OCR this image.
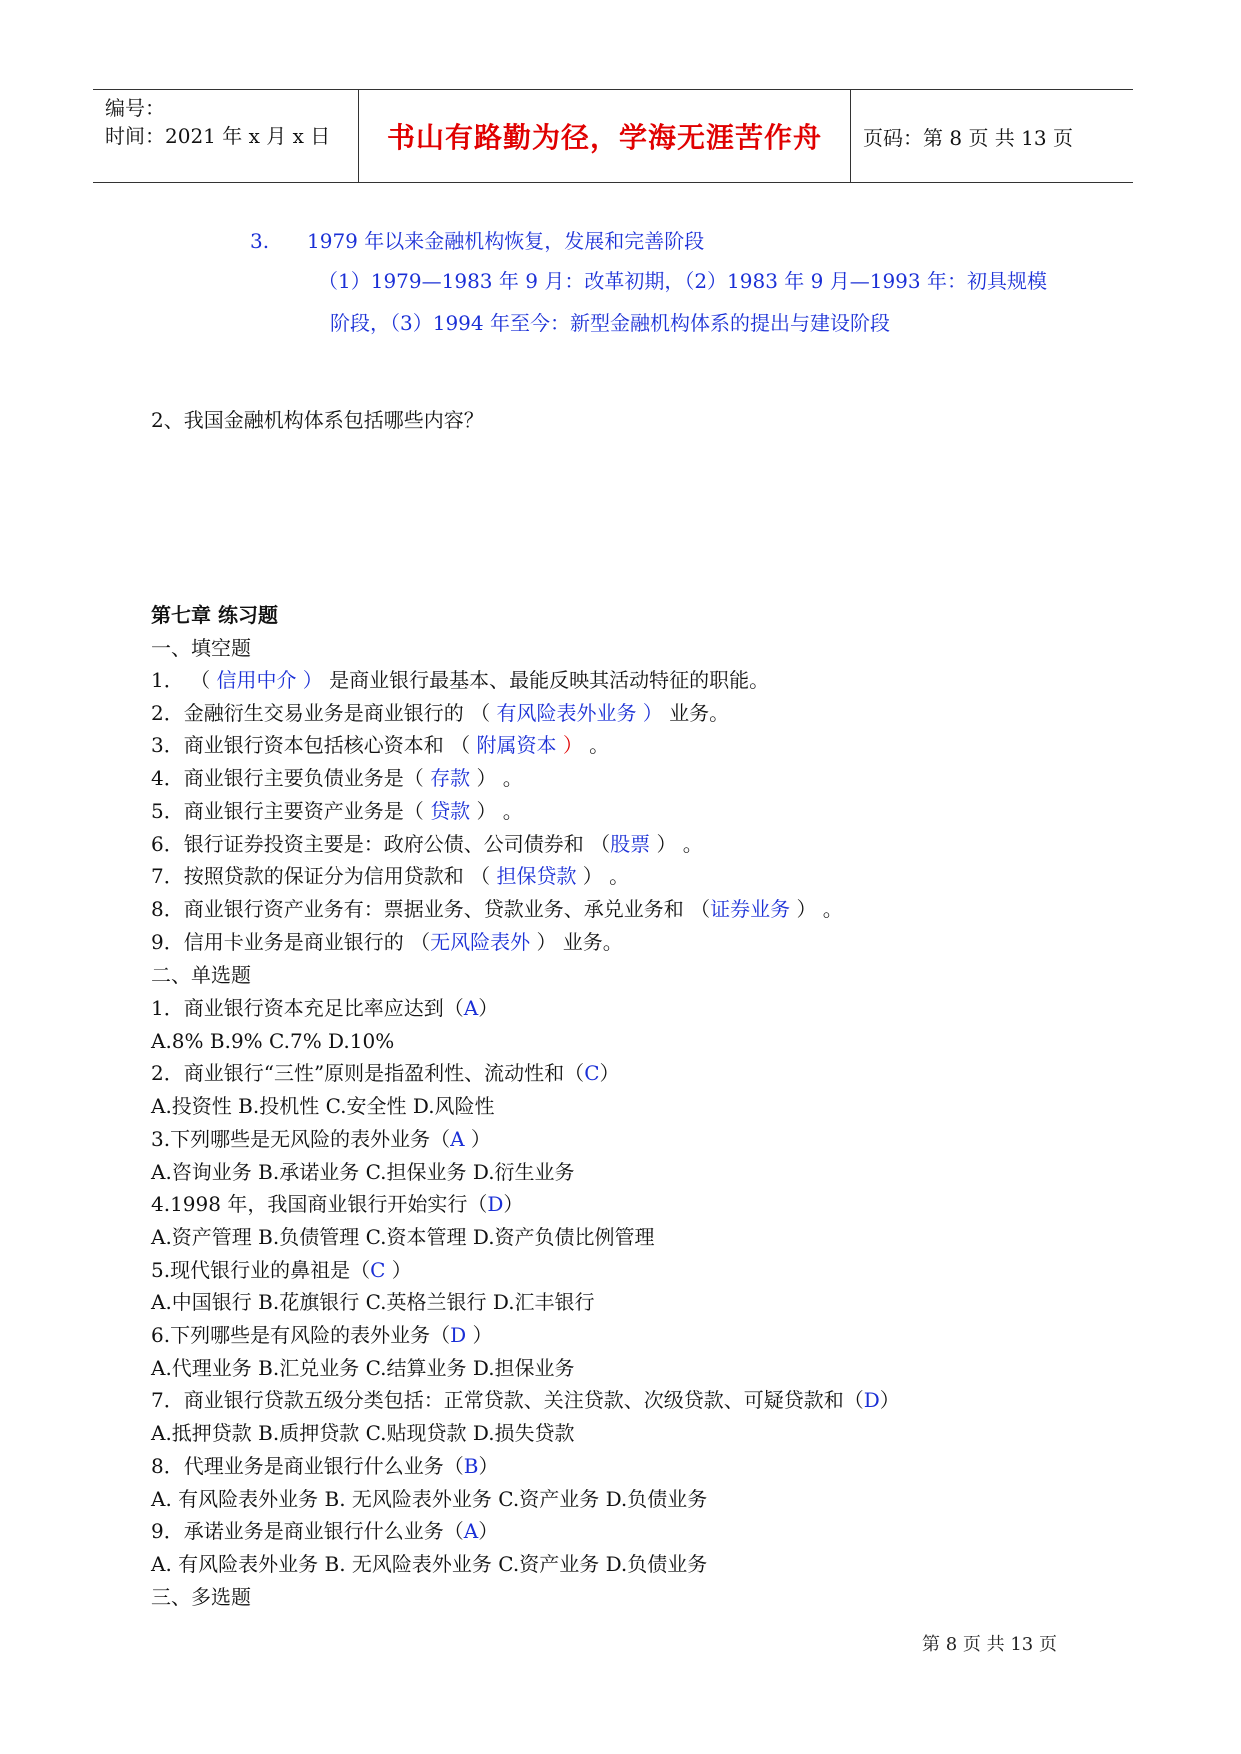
编号：
时间：2021 年 x 月 x 日	书山有路勤为径，学海无涯苦作舟 页码：第 8 页 共 13 页
3. 1979 年以来金融机构恢复，发展和完善阶段
（1）1979—1983 年 9 月：改革初期，（2）1983 年 9 月—1993 年：初具规模
阶段，（3）1994 年至今：新型金融机构体系的提出与建设阶段
2、我国金融机构体系包括哪些内容？
第七章 练习题
一、填空题
1． （ 信用中介 ） 是商业银行最基本、最能反映其活动特征的职能。
2．金融衍生交易业务是商业银行的 （ 有风险表外业务 ） 业务。
3．商业银行资本包括核心资本和 （ 附属资本 ） 。
4．商业银行主要负债业务是（ 存款 ） 。
5．商业银行主要资产业务是（ 贷款 ） 。
6．银行证券投资主要是：政府公债、公司债券和 （股票 ） 。
7．按照贷款的保证分为信用贷款和 （ 担保贷款 ） 。
8．商业银行资产业务有：票据业务、贷款业务、承兑业务和 （证券业务 ） 。
9．信用卡业务是商业银行的 （无风险表外 ） 业务。
二、单选题
1．商业银行资本充足比率应达到（A）
A.8% B.9% C.7% D.10%
2．商业银行“三性”原则是指盈利性、流动性和（C）
A.投资性 B.投机性 C.安全性 D.风险性
3.下列哪些是无风险的表外业务（A ）
A.咨询业务 B.承诺业务 C.担保业务 D.衍生业务
4.1998 年，我国商业银行开始实行（D）
A.资产管理 B.负债管理 C.资本管理 D.资产负债比例管理
5.现代银行业的鼻祖是（C ）
A.中国银行 B.花旗银行 C.英格兰银行 D.汇丰银行
6.下列哪些是有风险的表外业务（D ）
A.代理业务 B.汇兑业务 C.结算业务 D.担保业务
7．商业银行贷款五级分类包括：正常贷款、关注贷款、次级贷款、可疑贷款和（D）
A.抵押贷款 B.质押贷款 C.贴现贷款 D.损失贷款
8．代理业务是商业银行什么业务（B）
A. 有风险表外业务 B. 无风险表外业务 C.资产业务 D.负债业务
9．承诺业务是商业银行什么业务（A）
A. 有风险表外业务 B. 无风险表外业务 C.资产业务 D.负债业务
三、多选题
第 8 页 共 13 页
